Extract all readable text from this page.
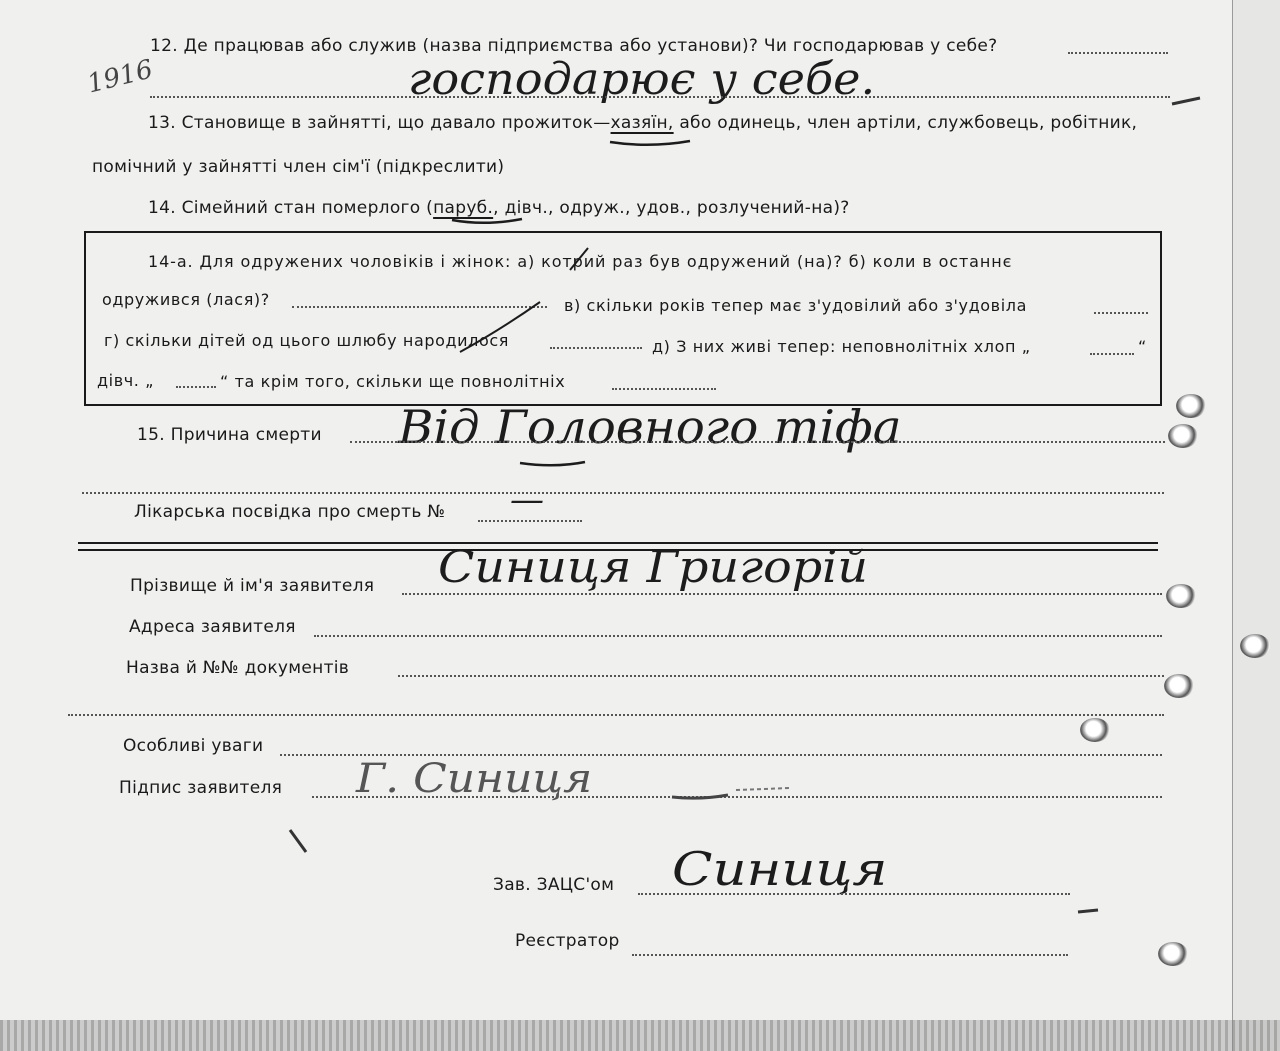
12. Де працював або служив (назва підприємства або установи)? Чи господарював у себе?
1916	господарює у себе.
13. Становище в зайнятті, що давало прожиток—хазяїн, або одинець, член артіли, службовець, робітник,
помічний у зайнятті член сім'ї (підкреслити)
14. Сімейний стан померлого (паруб., дівч., одруж., удов., розлучений-на)?
14-а. Для одружених чоловіків і жінок: а) котрий раз був одружений (на)? б) коли в останнє
одружився (лася)?	в) скільки років тепер має з'удовілий або з'удовіла
г) скільки дітей од цього шлюбу народилося	д) З них живі тепер: неповнолітніх хлоп „	“
дівч. „	“ та крім того, скільки ще повнолітніх
15. Причина смерти Від Головного тіфа
Лікарська посвідка про смерть № —
Прізвище й ім'я заявителя Синиця Григорій
Адреса заявителя
Назва й №№ документів
Особливі уваги
Підпис заявителя Г. Синиця
Зав. ЗАЦС'ом Синиця
Реєстратор
